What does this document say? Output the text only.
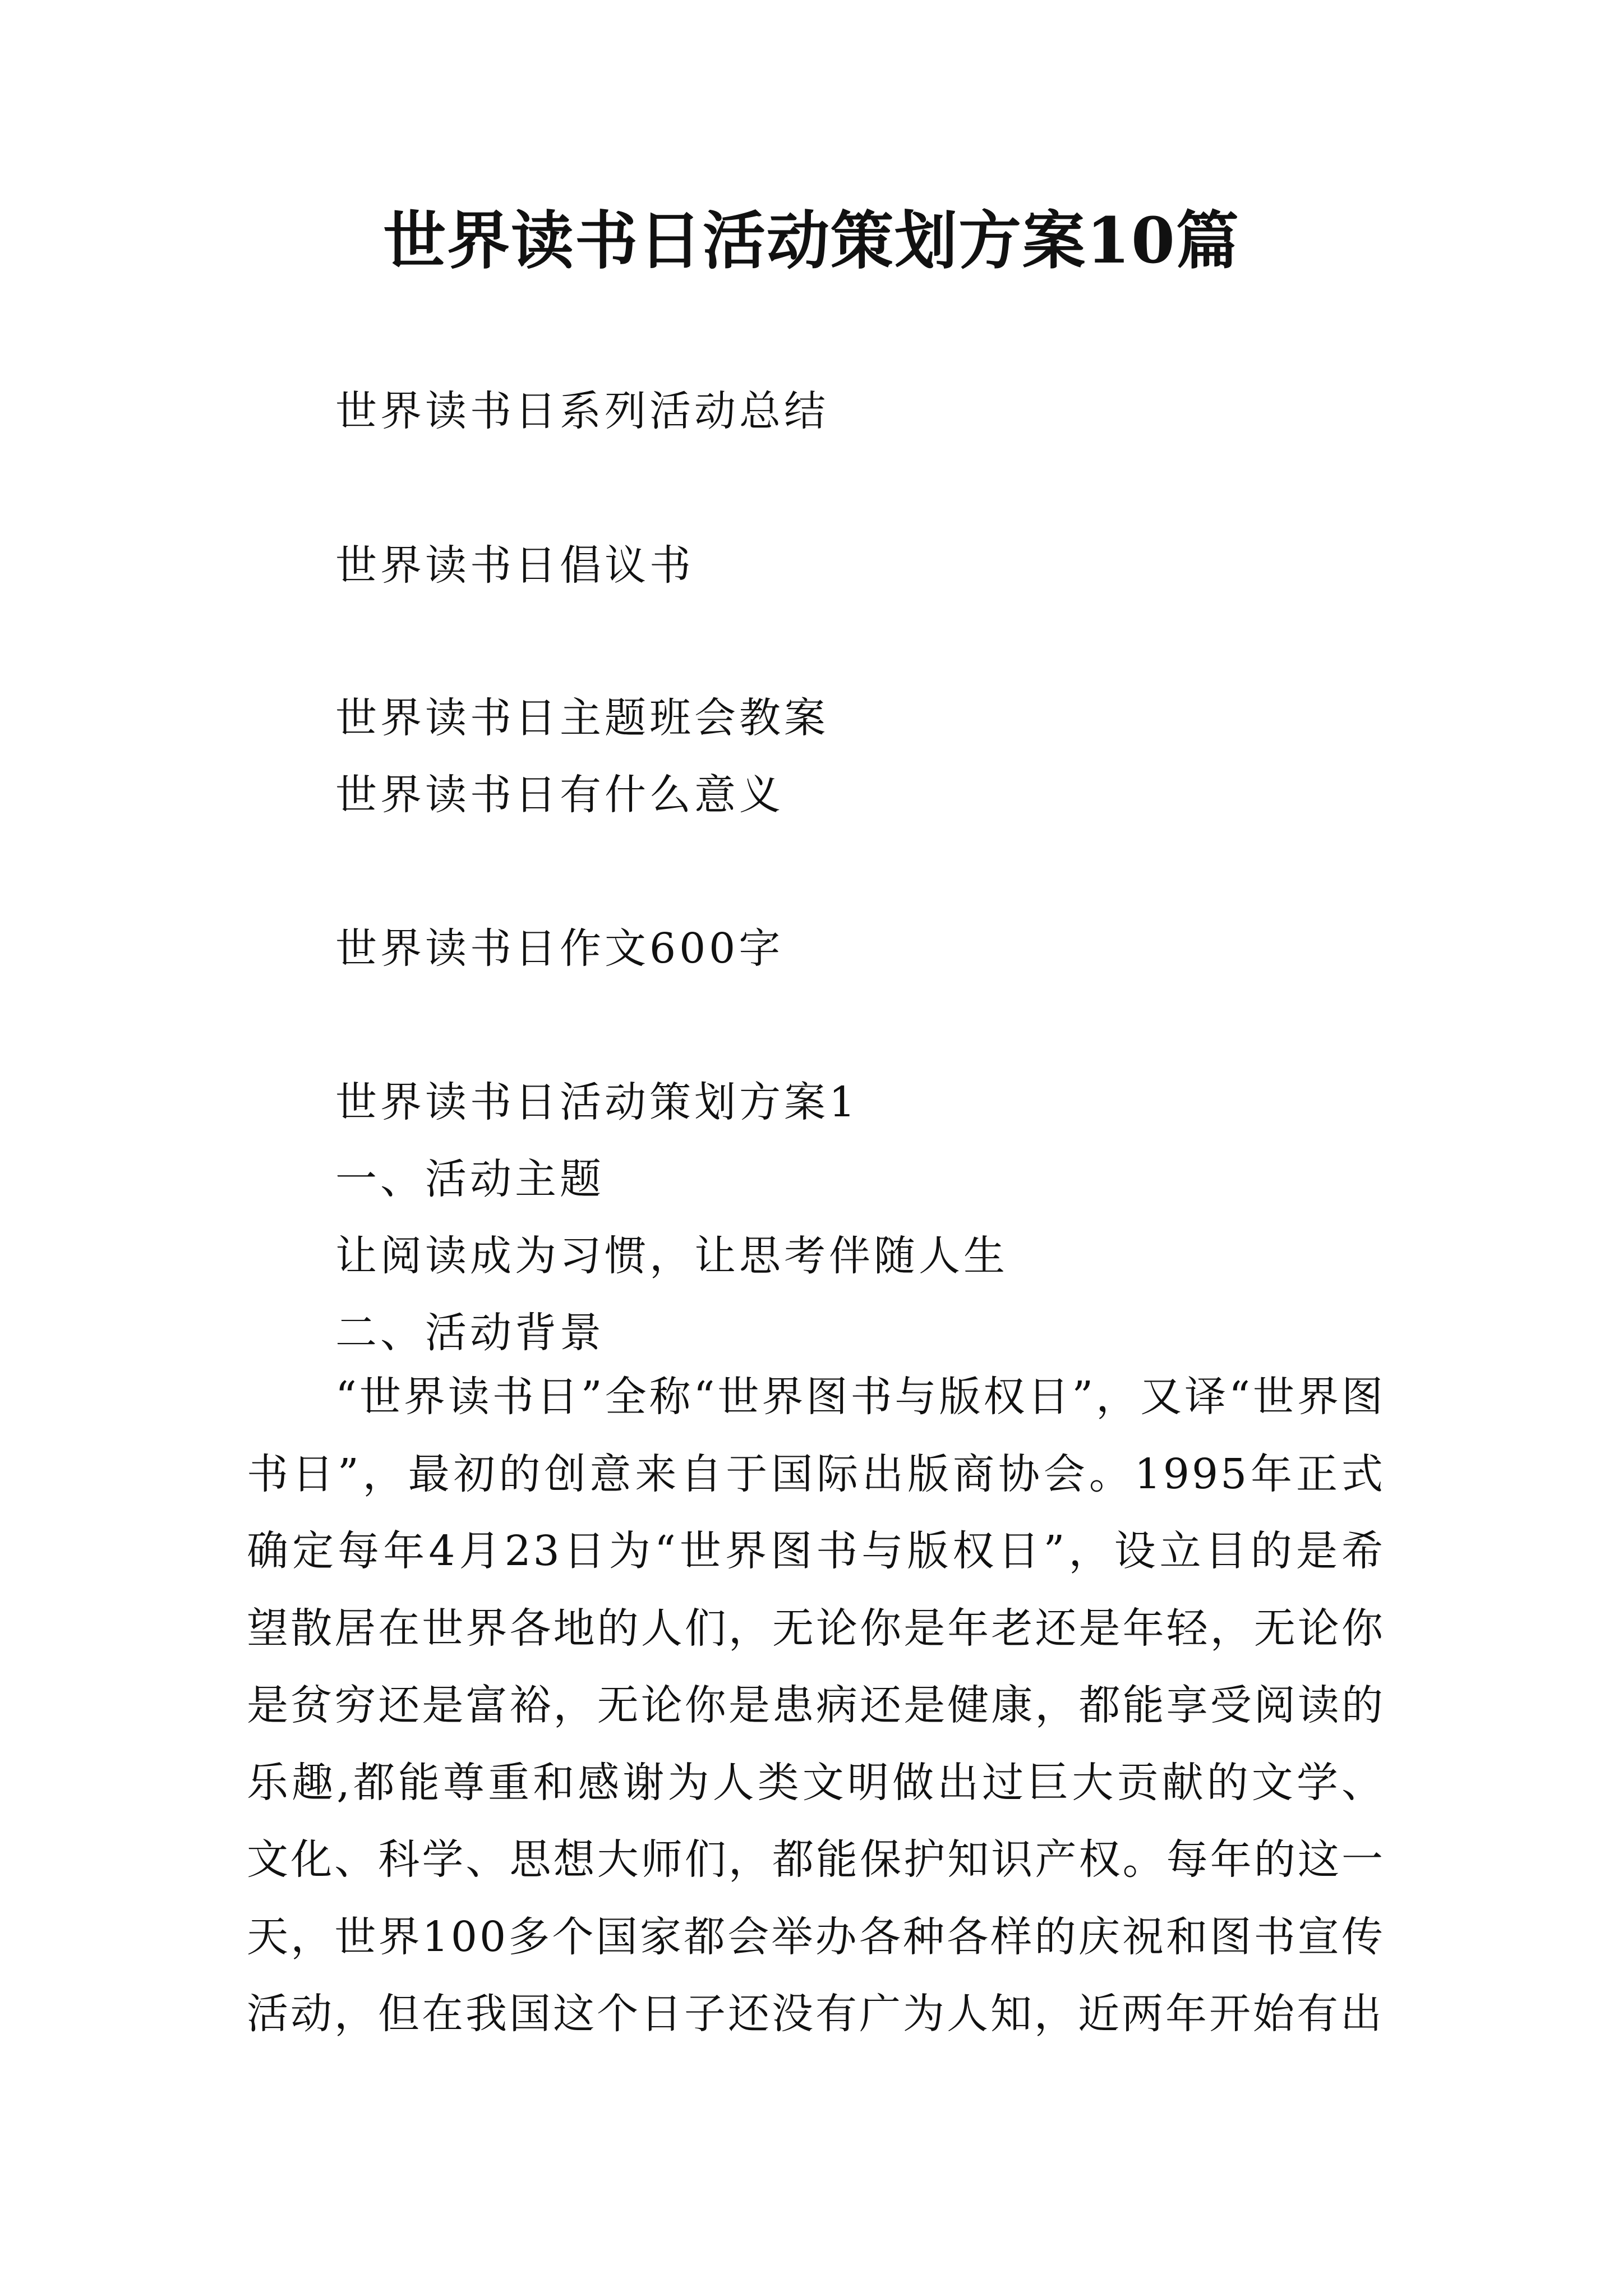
世界读书日活动策划方案10篇
世界读书日系列活动总结
世界读书日倡议书
世界读书日主题班会教案
世界读书日有什么意义
世界读书日作文600字
世界读书日活动策划方案1
一、活动主题
让阅读成为习惯，让思考伴随人生
二、活动背景

“世界读书日”全称“世界图书与版权日”，又译“世界图书日”，最初的创意来自于国际出版商协会。1995年正式确定每年4月23日为“世界图书与版权日”，设立目的是希望散居在世界各地的人们，无论你是年老还是年轻，无论你是贫穷还是富裕，无论你是患病还是健康，都能享受阅读的乐趣,都能尊重和感谢为人类文明做出过巨大贡献的文学、文化、科学、思想大师们，都能保护知识产权。每年的这一天，世界100多个国家都会举办各种各样的庆祝和图书宣传活动，但在我国这个日子还没有广为人知，近两年开始有出
